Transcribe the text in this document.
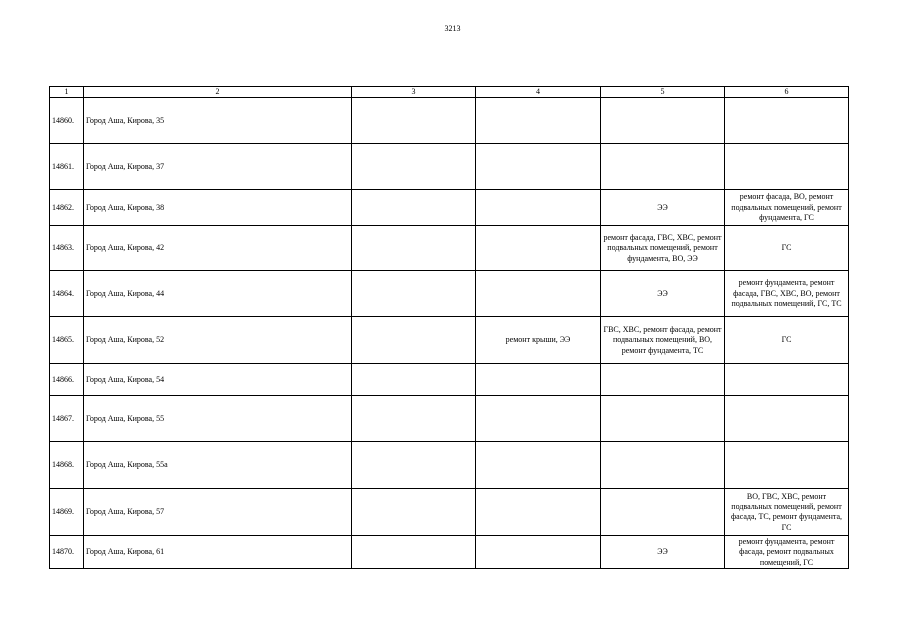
3213
1	2	3	4	5	6
14860.	Город Аша, Кирова, 35				
14861.	Город Аша, Кирова, 37				
14862.	Город Аша, Кирова, 38			ЭЭ	ремонт фасада, ВО, ремонт подвальных помещений, ремонт фундамента, ГС
14863.	Город Аша, Кирова, 42			ремонт фасада, ГВС, ХВС, ремонт подвальных помещений, ремонт фундамента, ВО, ЭЭ	ГС
14864.	Город Аша, Кирова, 44			ЭЭ	ремонт фундамента, ремонт фасада, ГВС, ХВС, ВО, ремонт подвальных помещений, ГС, ТС
14865.	Город Аша, Кирова, 52		ремонт крыши, ЭЭ	ГВС, ХВС, ремонт фасада, ремонт подвальных помещений, ВО, ремонт фундамента, ТС	ГС
14866.	Город Аша, Кирова, 54				
14867.	Город Аша, Кирова, 55				
14868.	Город Аша, Кирова, 55а				
14869.	Город Аша, Кирова, 57				ВО, ГВС, ХВС, ремонт подвальных помещений, ремонт фасада, ТС, ремонт фундамента, ГС
14870.	Город Аша, Кирова, 61			ЭЭ	ремонт фундамента, ремонт фасада, ремонт подвальных помещений, ГС
